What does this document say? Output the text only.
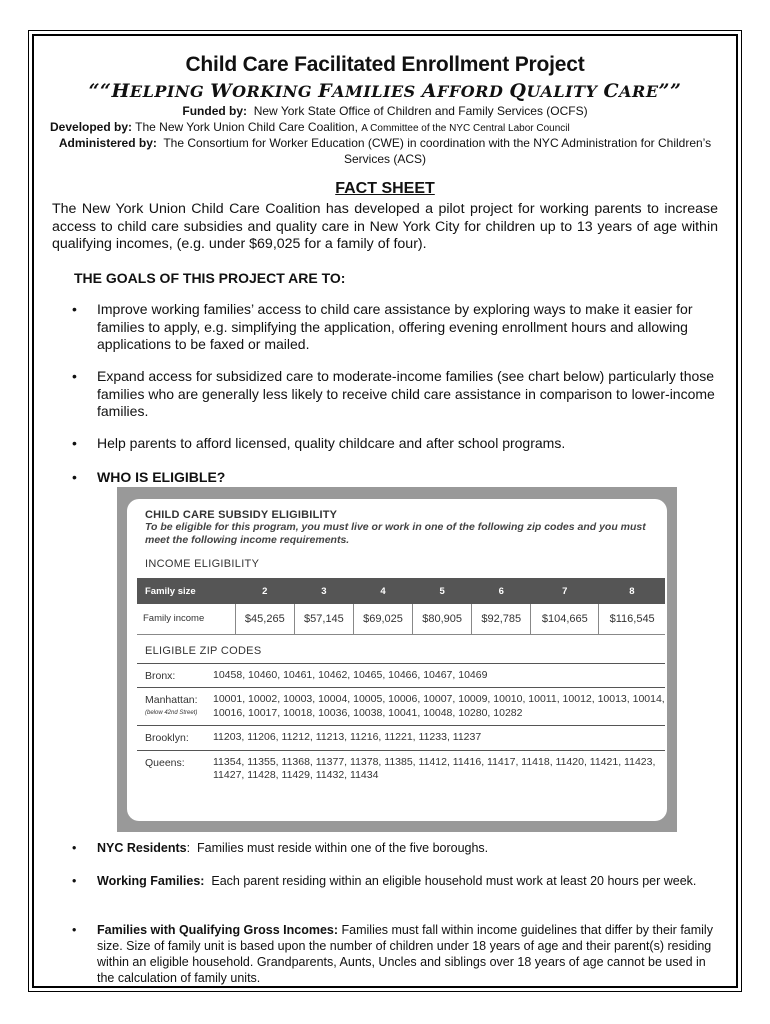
Child Care Facilitated Enrollment Project
““HELPING WORKING FAMILIES AFFORD QUALITY CARE””
Funded by: New York State Office of Children and Family Services (OCFS)
Developed by: The New York Union Child Care Coalition, A Committee of the NYC Central Labor Council
Administered by: The Consortium for Worker Education (CWE) in coordination with the NYC Administration for Children’s Services (ACS)
FACT SHEET
The New York Union Child Care Coalition has developed a pilot project for working parents to increase access to child care subsidies and quality care in New York City for children up to 13 years of age within qualifying incomes, (e.g. under $69,025 for a family of four).
THE GOALS OF THIS PROJECT ARE TO:
• Improve working families’ access to child care assistance by exploring ways to make it easier for families to apply, e.g. simplifying the application, offering evening enrollment hours and allowing applications to be faxed or mailed.
• Expand access for subsidized care to moderate-income families (see chart below) particularly those families who are generally less likely to receive child care assistance in comparison to lower-income families.
• Help parents to afford licensed, quality childcare and after school programs.
• WHO IS ELIGIBLE?
CHILD CARE SUBSIDY ELIGIBILITY
To be eligible for this program, you must live or work in one of the following zip codes and you must meet the following income requirements.
INCOME ELIGIBILITY
Family size	2	3	4	5	6	7	8
Family income	$45,265	$57,145	$69,025	$80,905	$92,785	$104,665	$116,545
ELIGIBLE ZIP CODES
Bronx:	10458, 10460, 10461, 10462, 10465, 10466, 10467, 10469
Manhattan:
(below 42nd Street)
10001, 10002, 10003, 10004, 10005, 10006, 10007, 10009, 10010, 10011, 10012, 10013, 10014, 10016, 10017, 10018, 10036, 10038, 10041, 10048, 10280, 10282
Brooklyn:	11203, 11206, 11212, 11213, 11216, 11221, 11233, 11237
Queens:	11354, 11355, 11368, 11377, 11378, 11385, 11412, 11416, 11417, 11418, 11420, 11421, 11423, 11427, 11428, 11429, 11432, 11434
• NYC Residents: Families must reside within one of the five boroughs.
• Working Families: Each parent residing within an eligible household must work at least 20 hours per week.
• Families with Qualifying Gross Incomes: Families must fall within income guidelines that differ by their family size. Size of family unit is based upon the number of children under 18 years of age and their parent(s) residing within an eligible household. Grandparents, Aunts, Uncles and siblings over 18 years of age cannot be used in the calculation of family units.
